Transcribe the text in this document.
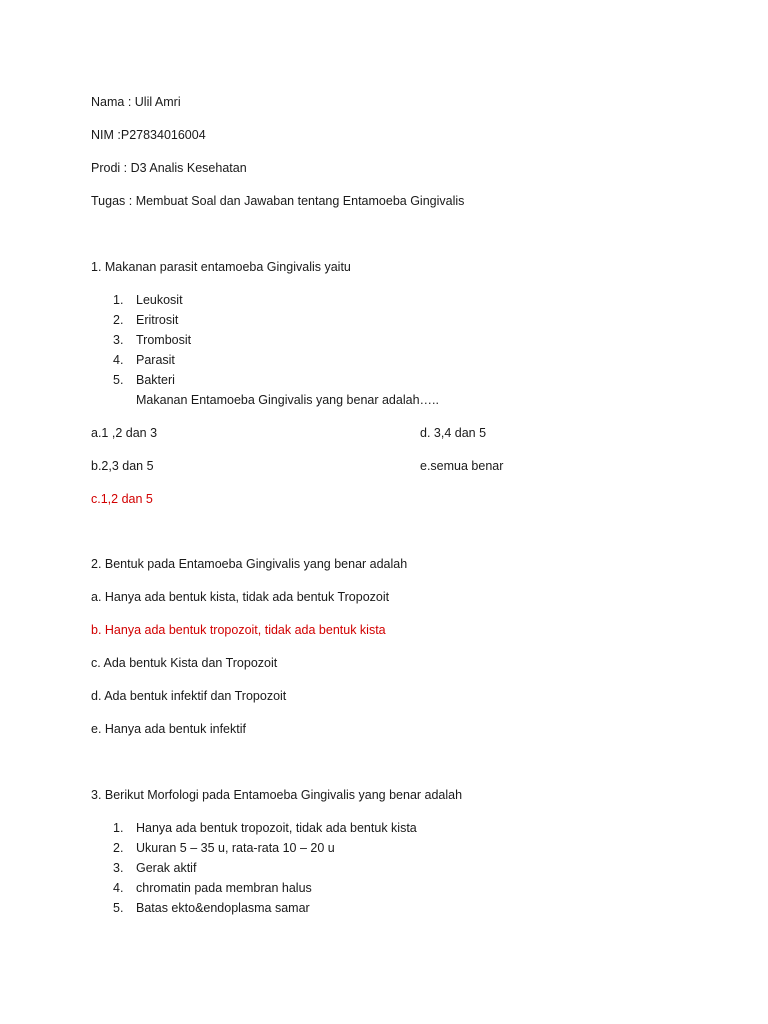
Nama : Ulil Amri
NIM :P27834016004
Prodi : D3 Analis Kesehatan
Tugas : Membuat Soal dan Jawaban tentang Entamoeba Gingivalis
1. Makanan parasit entamoeba Gingivalis yaitu
1.	Leukosit
2.	Eritrosit
3.	Trombosit
4.	Parasit
5.	Bakteri
Makanan Entamoeba Gingivalis yang benar adalah…..
a.1 ,2 dan 3	d. 3,4 dan 5
b.2,3 dan 5	e.semua benar
c.1,2 dan 5
2. Bentuk pada Entamoeba Gingivalis yang benar adalah
a. Hanya ada bentuk kista, tidak ada bentuk Tropozoit
b. Hanya ada bentuk tropozoit, tidak ada bentuk kista
c. Ada bentuk Kista dan Tropozoit
d. Ada bentuk infektif dan Tropozoit
e. Hanya ada bentuk infektif
3. Berikut Morfologi pada Entamoeba Gingivalis yang benar adalah
1.	Hanya ada bentuk tropozoit, tidak ada bentuk kista
2.	Ukuran 5 – 35 u, rata-rata 10 – 20 u
3.	Gerak aktif
4.	chromatin pada membran halus
5.	Batas ekto&endoplasma samar
